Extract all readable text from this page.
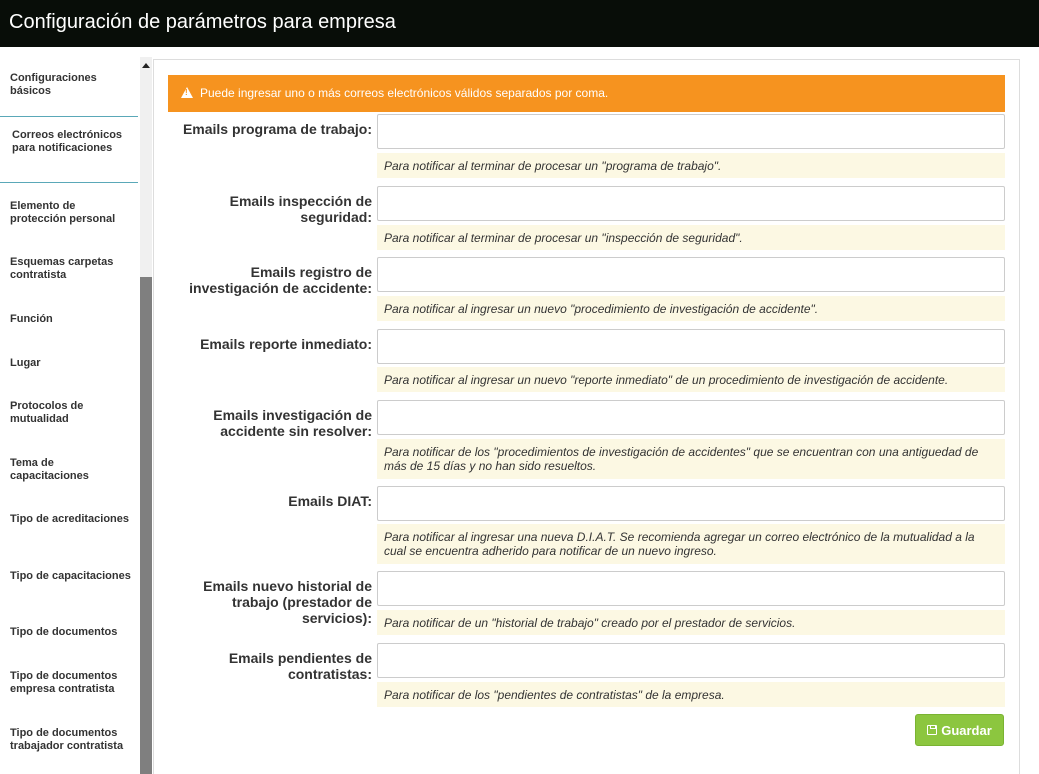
Configuración de parámetros para empresa
Configuraciones básicos
Correos electrónicos para notificaciones
Elemento de protección personal
Esquemas carpetas contratista
Función
Lugar
Protocolos de mutualidad
Tema de capacitaciones
Tipo de acreditaciones
Tipo de capacitaciones
Tipo de documentos
Tipo de documentos empresa contratista
Tipo de documentos trabajador contratista
!Puede ingresar uno o más correos electrónicos válidos separados por coma.
Emails programa de trabajo:
Para notificar al terminar de procesar un "programa de trabajo".
Emails inspección de seguridad:
Para notificar al terminar de procesar un "inspección de seguridad".
Emails registro de investigación de accidente:
Para notificar al ingresar un nuevo "procedimiento de investigación de accidente".
Emails reporte inmediato:
Para notificar al ingresar un nuevo "reporte inmediato" de un procedimiento de investigación de accidente.
Emails investigación de accidente sin resolver:
Para notificar de los "procedimientos de investigación de accidentes" que se encuentran con una antiguedad de más de 15 días y no han sido resueltos.
Emails DIAT:
Para notificar al ingresar una nueva D.I.A.T. Se recomienda agregar un correo electrónico de la mutualidad a la cual se encuentra adherido para notificar de un nuevo ingreso.
Emails nuevo historial de trabajo (prestador de servicios):	Para notificar de un "historial de trabajo" creado por el prestador de servicios.
Emails pendientes de contratistas:
Para notificar de los "pendientes de contratistas" de la empresa.
Guardar
